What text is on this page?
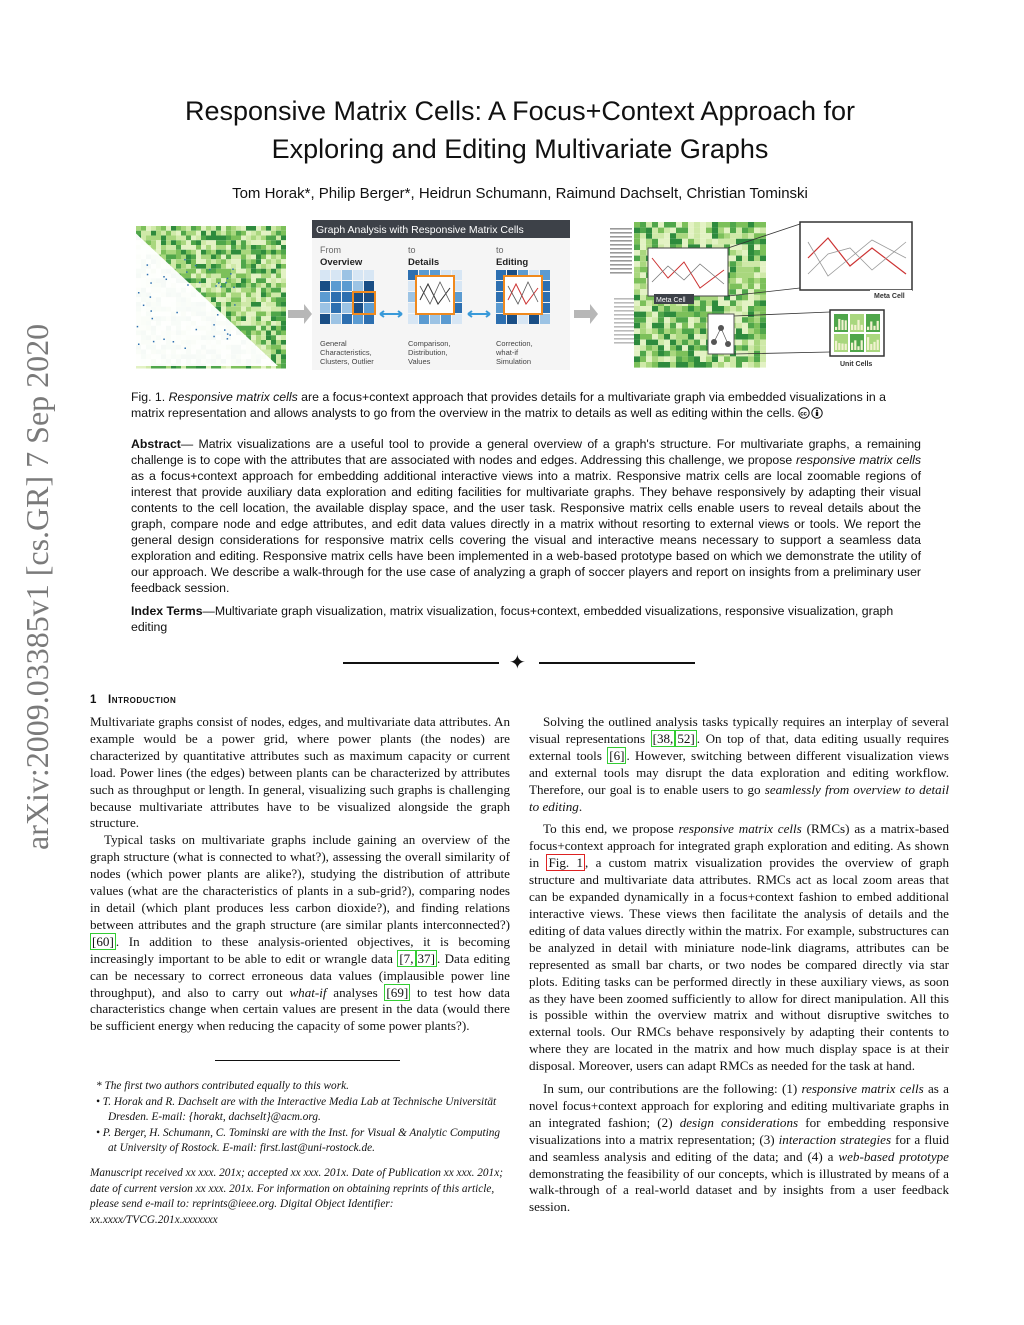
arXiv:2009.03385v1 [cs.GR] 7 Sep 2020
Responsive Matrix Cells: A Focus+Context Approach for
Exploring and Editing Multivariate Graphs
Tom Horak*, Philip Berger*, Heidrun Schumann, Raimund Dachselt, Christian Tominski
Graph Analysis with Responsive Matrix Cells
From
Overview
General
Characteristics,
Clusters, Outlier
to
Details
Comparison,
Distribution,
Values
to
Editing
Correction,
what-if
Simulation
Meta Cell
Meta Cell
Unit Cells
Fig. 1. Responsive matrix cells are a focus+context approach that provides details for a multivariate graph via embedded visualizations in a matrix representation and allows analysts to go from the overview in the matrix to details as well as editing within the cells. cc

Abstract— Matrix visualizations are a useful tool to provide a general overview of a graph's structure. For multivariate graphs, a remaining challenge is to cope with the attributes that are associated with nodes and edges. Addressing this challenge, we propose responsive matrix cells as a focus+context approach for embedding additional interactive views into a matrix. Responsive matrix cells are local zoomable regions of interest that provide auxiliary data exploration and editing facilities for multivariate graphs. They behave responsively by adapting their visual contents to the cell location, the available display space, and the user task. Responsive matrix cells enable users to reveal details about the graph, compare node and edge attributes, and edit data values directly in a matrix without resorting to external views or tools. We report the general design considerations for responsive matrix cells covering the visual and interactive means necessary to support a seamless data exploration and editing. Responsive matrix cells have been implemented in a web-based prototype based on which we demonstrate the utility of our approach. We describe a walk-through for the use case of analyzing a graph of soccer players and report on insights from a preliminary user feedback session.

Index Terms—Multivariate graph visualization, matrix visualization, focus+context, embedded visualizations, responsive visualization, graph editing
✦
1 Introduction

Multivariate graphs consist of nodes, edges, and multivariate data attributes. An example would be a power grid, where power plants (the nodes) are characterized by quantitative attributes such as maximum capacity or current load. Power lines (the edges) between plants can be characterized by attributes such as throughput or length. In general, visualizing such graphs is challenging because multivariate attributes have to be visualized alongside the graph structure.

Typical tasks on multivariate graphs include gaining an overview of the graph structure (what is connected to what?), assessing the overall similarity of nodes (which power plants are alike?), studying the distribution of attribute values (what are the characteristics of plants in a sub-grid?), comparing nodes in detail (which plant produces less carbon dioxide?), and finding relations between attributes and the graph structure (are similar plants interconnected?) [60] . In addition to these analysis-oriented objectives, it is becoming increasingly important to be able to edit or wrangle data [7, 37] . Data editing can be necessary to correct erroneous data values (implausible power line throughput), and also to carry out what-if analyses [69] to test how data characteristics change when certain values are present in the data (would there be sufficient energy when reducing the capacity of some power plants?).

* The first two authors contributed equally to this work.

• T. Horak and R. Dachselt are with the Interactive Media Lab at Technische Universität Dresden. E-mail: {horakt, dachselt}@acm.org.

• P. Berger, H. Schumann, C. Tominski are with the Inst. for Visual & Analytic Computing at University of Rostock. E-mail: first.last@uni-rostock.de.

Manuscript received xx xxx. 201x; accepted xx xxx. 201x. Date of Publication xx xxx. 201x; date of current version xx xxx. 201x. For information on obtaining reprints of this article, please send e-mail to: reprints@ieee.org. Digital Object Identifier: xx.xxxx/TVCG.201x.xxxxxxx

Solving the outlined analysis tasks typically requires an interplay of several visual representations [38, 52] . On top of that, data editing usually requires external tools [6] . However, switching between different visualization views and external tools may disrupt the data exploration and editing workflow. Therefore, our goal is to enable users to go seamlessly from overview to detail to editing.

To this end, we propose responsive matrix cells (RMCs) as a matrix-based focus+context approach for integrated graph exploration and editing. As shown in Fig. 1 , a custom matrix visualization provides the overview of graph structure and multivariate data attributes. RMCs act as local zoom areas that can be expanded dynamically in a focus+context fashion to embed additional interactive views. These views then facilitate the analysis of details and the editing of data values directly within the matrix. For example, substructures can be analyzed in detail with miniature node-link diagrams, attributes can be represented as small bar charts, or two nodes be compared directly via star plots. Editing tasks can be performed directly in these auxiliary views, as soon as they have been zoomed sufficiently to allow for direct manipulation. All this is possible within the overview matrix and without disruptive switches to external tools. Our RMCs behave responsively by adapting their contents to where they are located in the matrix and how much display space is at their disposal. Moreover, users can adapt RMCs as needed for the task at hand.

In sum, our contributions are the following: (1) responsive matrix cells as a novel focus+context approach for exploring and editing multivariate graphs in an integrated fashion; (2) design considerations for embedding responsive visualizations into a matrix representation; (3) interaction strategies for a fluid and seamless analysis and editing of the data; and (4) a web-based prototype demonstrating the feasibility of our concepts, which is illustrated by means of a walk-through of a real-world dataset and by insights from a user feedback session.
